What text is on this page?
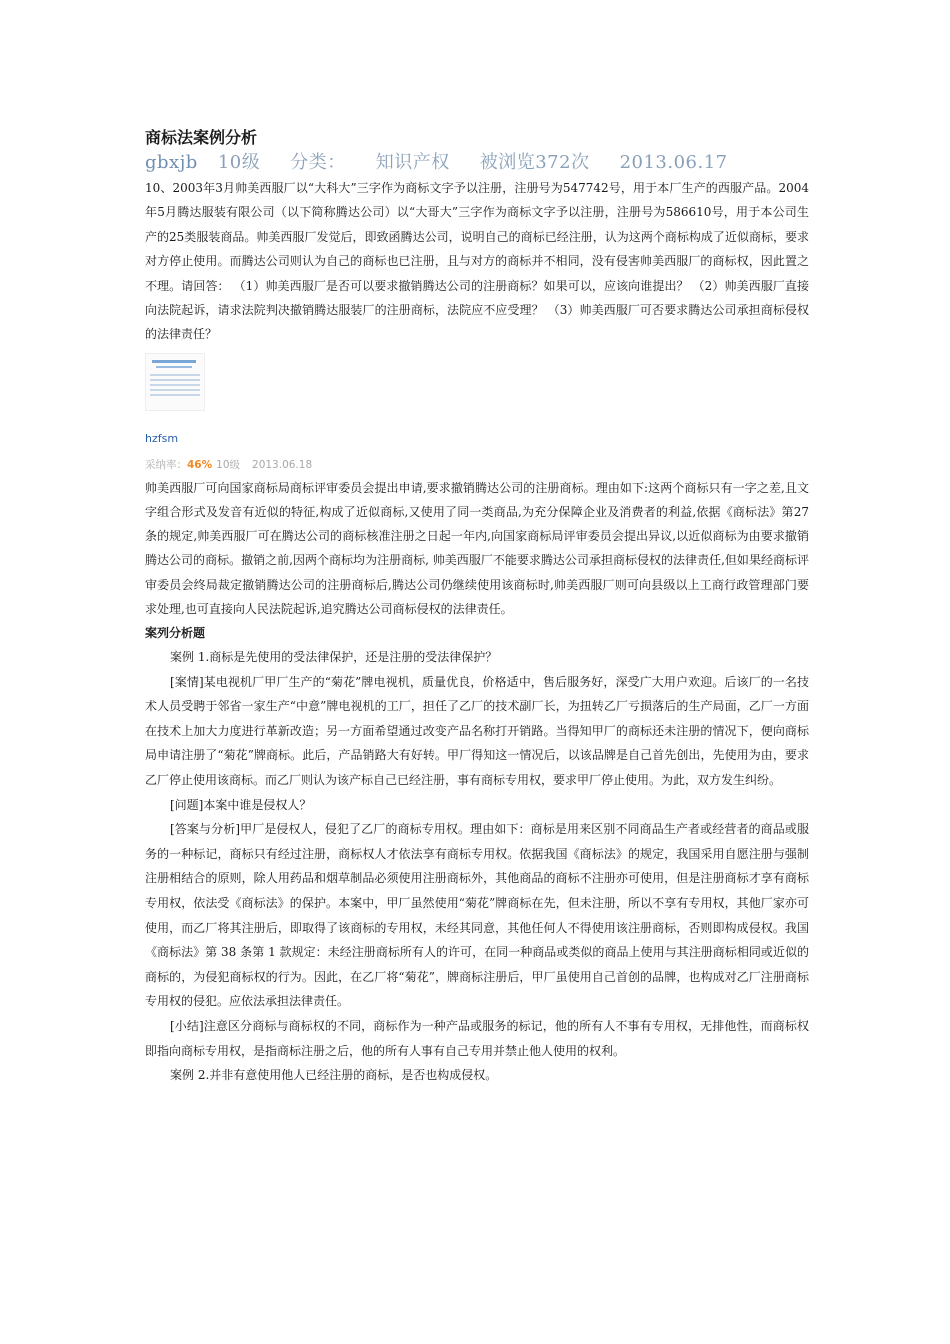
商标法案例分析
gbxjb 10级 分类： 知识产权 被浏览372次 2013.06.17

10、2003年3月帅美西服厂以“大科大”三字作为商标文字予以注册，注册号为547742号，用于本厂生产的西服产品。2004年5月腾达服装有限公司（以下简称腾达公司）以“大哥大”三字作为商标文字予以注册，注册号为586610号，用于本公司生产的25类服装商品。帅美西服厂发觉后，即致函腾达公司，说明自己的商标已经注册，认为这两个商标构成了近似商标，要求对方停止使用。而腾达公司则认为自己的商标也已注册，且与对方的商标并不相同，没有侵害帅美西服厂的商标权，因此置之不理。请回答： （1）帅美西服厂是否可以要求撤销腾达公司的注册商标？如果可以，应该向谁提出？ （2）帅美西服厂直接向法院起诉，请求法院判决撤销腾达服装厂的注册商标，法院应不应受理？ （3）帅美西服厂可否要求腾达公司承担商标侵权的法律责任？

hzfsm
采纳率：46% 10级 2013.06.18

帅美西服厂可向国家商标局商标评审委员会提出申请,要求撤销腾达公司的注册商标。理由如下:这两个商标只有一字之差,且文字组合形式及发音有近似的特征,构成了近似商标,又使用了同一类商品,为充分保障企业及消费者的利益,依据《商标法》第27条的规定,帅美西服厂可在腾达公司的商标核准注册之日起一年内,向国家商标局评审委员会提出异议,以近似商标为由要求撤销腾达公司的商标。撤销之前,因两个商标均为注册商标, 帅美西服厂不能要求腾达公司承担商标侵权的法律责任,但如果经商标评审委员会终局裁定撤销腾达公司的注册商标后,腾达公司仍继续使用该商标时,帅美西服厂则可向县级以上工商行政管理部门要求处理,也可直接向人民法院起诉,追究腾达公司商标侵权的法律责任。

案列分析题

案例 1.商标是先使用的受法律保护，还是注册的受法律保护？

[案情]某电视机厂甲厂生产的“菊花”牌电视机，质量优良，价格适中，售后服务好，深受广大用户欢迎。后该厂的一名技术人员受聘于邻省一家生产“中意”牌电视机的工厂，担任了乙厂的技术副厂长，为扭转乙厂亏损落后的生产局面，乙厂一方面在技术上加大力度进行革新改造；另一方面希望通过改变产品名称打开销路。当得知甲厂的商标还未注册的情况下，便向商标局申请注册了“菊花”牌商标。此后，产品销路大有好转。甲厂得知这一情况后，以该品牌是自己首先创出，先使用为由，要求乙厂停止使用该商标。而乙厂则认为该产标自己已经注册，事有商标专用权，要求甲厂停止使用。为此，双方发生纠纷。

[问题]本案中谁是侵权人？

[答案与分析]甲厂是侵权人，侵犯了乙厂的商标专用权。理由如下：商标是用来区别不同商品生产者或经营者的商品或服务的一种标记，商标只有经过注册，商标权人才依法享有商标专用权。依据我国《商标法》的规定，我国采用自愿注册与强制注册相结合的原则，除人用药品和烟草制品必须使用注册商标外，其他商品的商标不注册亦可使用，但是注册商标才享有商标专用权，依法受《商标法》的保护。本案中，甲厂虽然使用“菊花”牌商标在先，但未注册，所以不享有专用权，其他厂家亦可使用，而乙厂将其注册后，即取得了该商标的专用权，未经其同意，其他任何人不得使用该注册商标，否则即构成侵权。我国《商标法》第 38 条第 1 款规定：未经注册商标所有人的许可，在同一种商品或类似的商品上使用与其注册商标相同或近似的商标的，为侵犯商标权的行为。因此，在乙厂将“菊花”，牌商标注册后，甲厂虽使用自己首创的品牌，也构成对乙厂注册商标专用权的侵犯。应依法承担法律责任。

[小结]注意区分商标与商标权的不同，商标作为一种产品或服务的标记，他的所有人不事有专用权，无排他性，而商标权即指向商标专用权，是指商标注册之后，他的所有人事有自己专用并禁止他人使用的权利。

案例 2.并非有意使用他人已经注册的商标，是否也构成侵权。
